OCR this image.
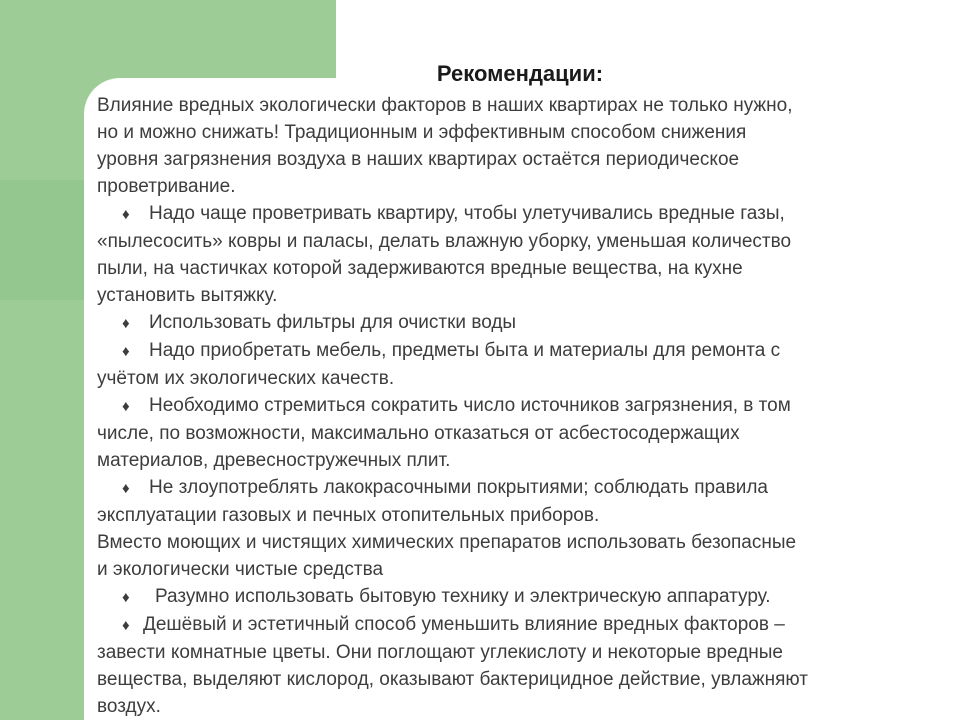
Рекомендации:
Влияние вредных экологически факторов в наших квартирах не только нужно,
но и можно снижать! Традиционным и эффективным способом снижения
уровня загрязнения воздуха в наших квартирах остаётся периодическое
проветривание.
♦ Надо чаще проветривать квартиру, чтобы улетучивались вредные газы,
«пылесосить» ковры и паласы, делать влажную уборку, уменьшая количество
пыли, на частичках которой задерживаются вредные вещества, на кухне
установить вытяжку.
♦ Использовать фильтры для очистки воды
♦ Надо приобретать мебель, предметы быта и материалы для ремонта с
учётом их экологических качеств.
♦ Необходимо стремиться сократить число источников загрязнения, в том
числе, по возможности, максимально отказаться от асбестосодержащих
материалов, древесностружечных плит.
♦ Не злоупотреблять лакокрасочными покрытиями; соблюдать правила
эксплуатации газовых и печных отопительных приборов.
Вместо моющих и чистящих химических препаратов использовать безопасные
и экологически чистые средства
♦ Разумно использовать бытовую технику и электрическую аппаратуру.
♦ Дешёвый и эстетичный способ уменьшить влияние вредных факторов –
завести комнатные цветы. Они поглощают углекислоту и некоторые вредные
вещества, выделяют кислород, оказывают бактерицидное действие, увлажняют
воздух.
